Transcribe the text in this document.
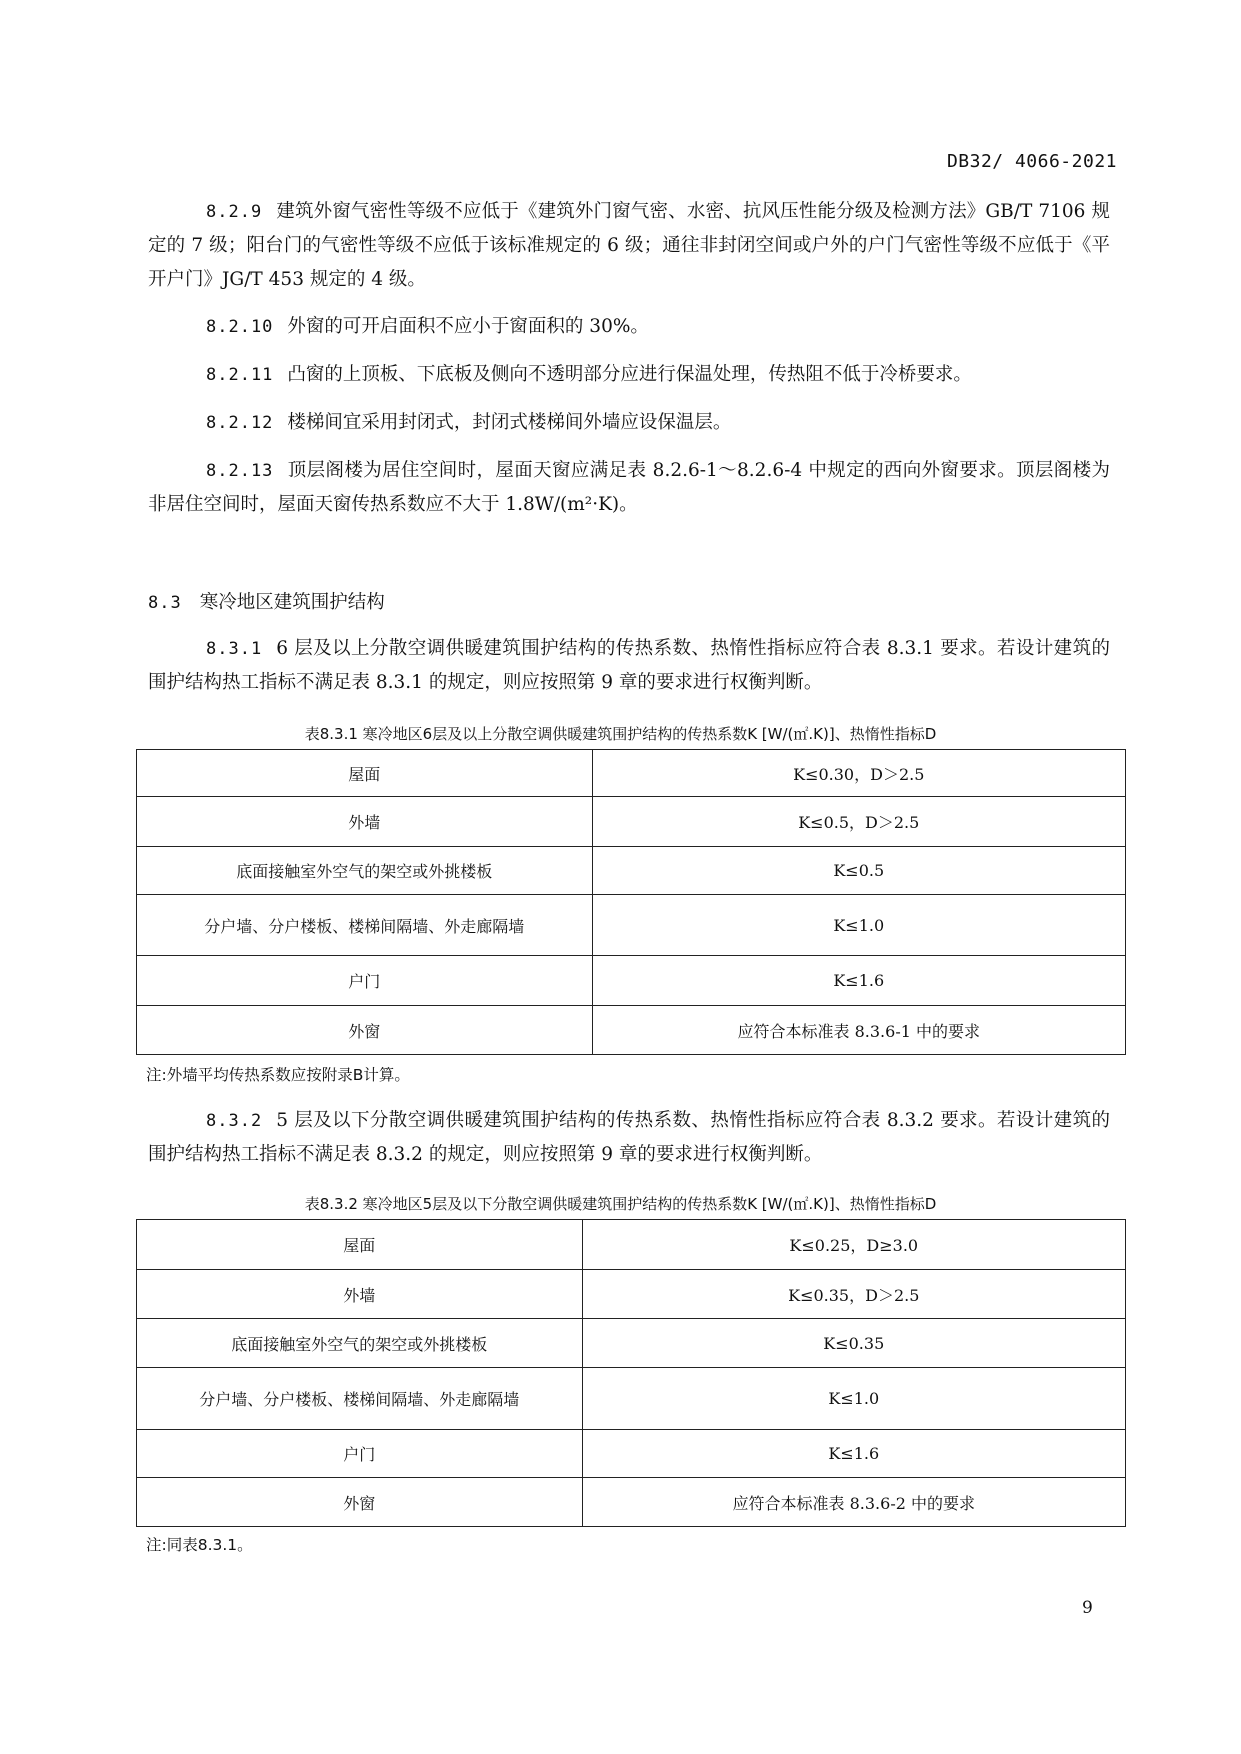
DB32/ 4066-2021

8.2.9 建筑外窗气密性等级不应低于《建筑外门窗气密、水密、抗风压性能分级及检测方法》GB/T 7106 规定的 7 级；阳台门的气密性等级不应低于该标准规定的 6 级；通往非封闭空间或户外的户门气密性等级不应低于《平开户门》JG/T 453 规定的 4 级。

8.2.10 外窗的可开启面积不应小于窗面积的 30%。

8.2.11 凸窗的上顶板、下底板及侧向不透明部分应进行保温处理，传热阻不低于冷桥要求。

8.2.12 楼梯间宜采用封闭式，封闭式楼梯间外墙应设保温层。

8.2.13 顶层阁楼为居住空间时，屋面天窗应满足表 8.2.6-1～8.2.6-4 中规定的西向外窗要求。顶层阁楼为非居住空间时，屋面天窗传热系数应不大于 1.8W/(m²·K)。

8.3 寒冷地区建筑围护结构

8.3.1 6 层及以上分散空调供暖建筑围护结构的传热系数、热惰性指标应符合表 8.3.1 要求。若设计建筑的围护结构热工指标不满足表 8.3.1 的规定，则应按照第 9 章的要求进行权衡判断。

表8.3.1 寒冷地区6层及以上分散空调供暖建筑围护结构的传热系数K [W/(㎡.K)]、热惰性指标D
屋面	K≤0.30，D＞2.5
外墙	K≤0.5，D＞2.5
底面接触室外空气的架空或外挑楼板	K≤0.5
分户墙、分户楼板、楼梯间隔墙、外走廊隔墙	K≤1.0
户门	K≤1.6
外窗	应符合本标准表 8.3.6-1 中的要求
注:外墙平均传热系数应按附录B计算。

8.3.2 5 层及以下分散空调供暖建筑围护结构的传热系数、热惰性指标应符合表 8.3.2 要求。若设计建筑的围护结构热工指标不满足表 8.3.2 的规定，则应按照第 9 章的要求进行权衡判断。

表8.3.2 寒冷地区5层及以下分散空调供暖建筑围护结构的传热系数K [W/(㎡.K)]、热惰性指标D
屋面	K≤0.25，D≥3.0
外墙	K≤0.35，D＞2.5
底面接触室外空气的架空或外挑楼板	K≤0.35
分户墙、分户楼板、楼梯间隔墙、外走廊隔墙	K≤1.0
户门	K≤1.6
外窗	应符合本标准表 8.3.6-2 中的要求
注:同表8.3.1。
9
